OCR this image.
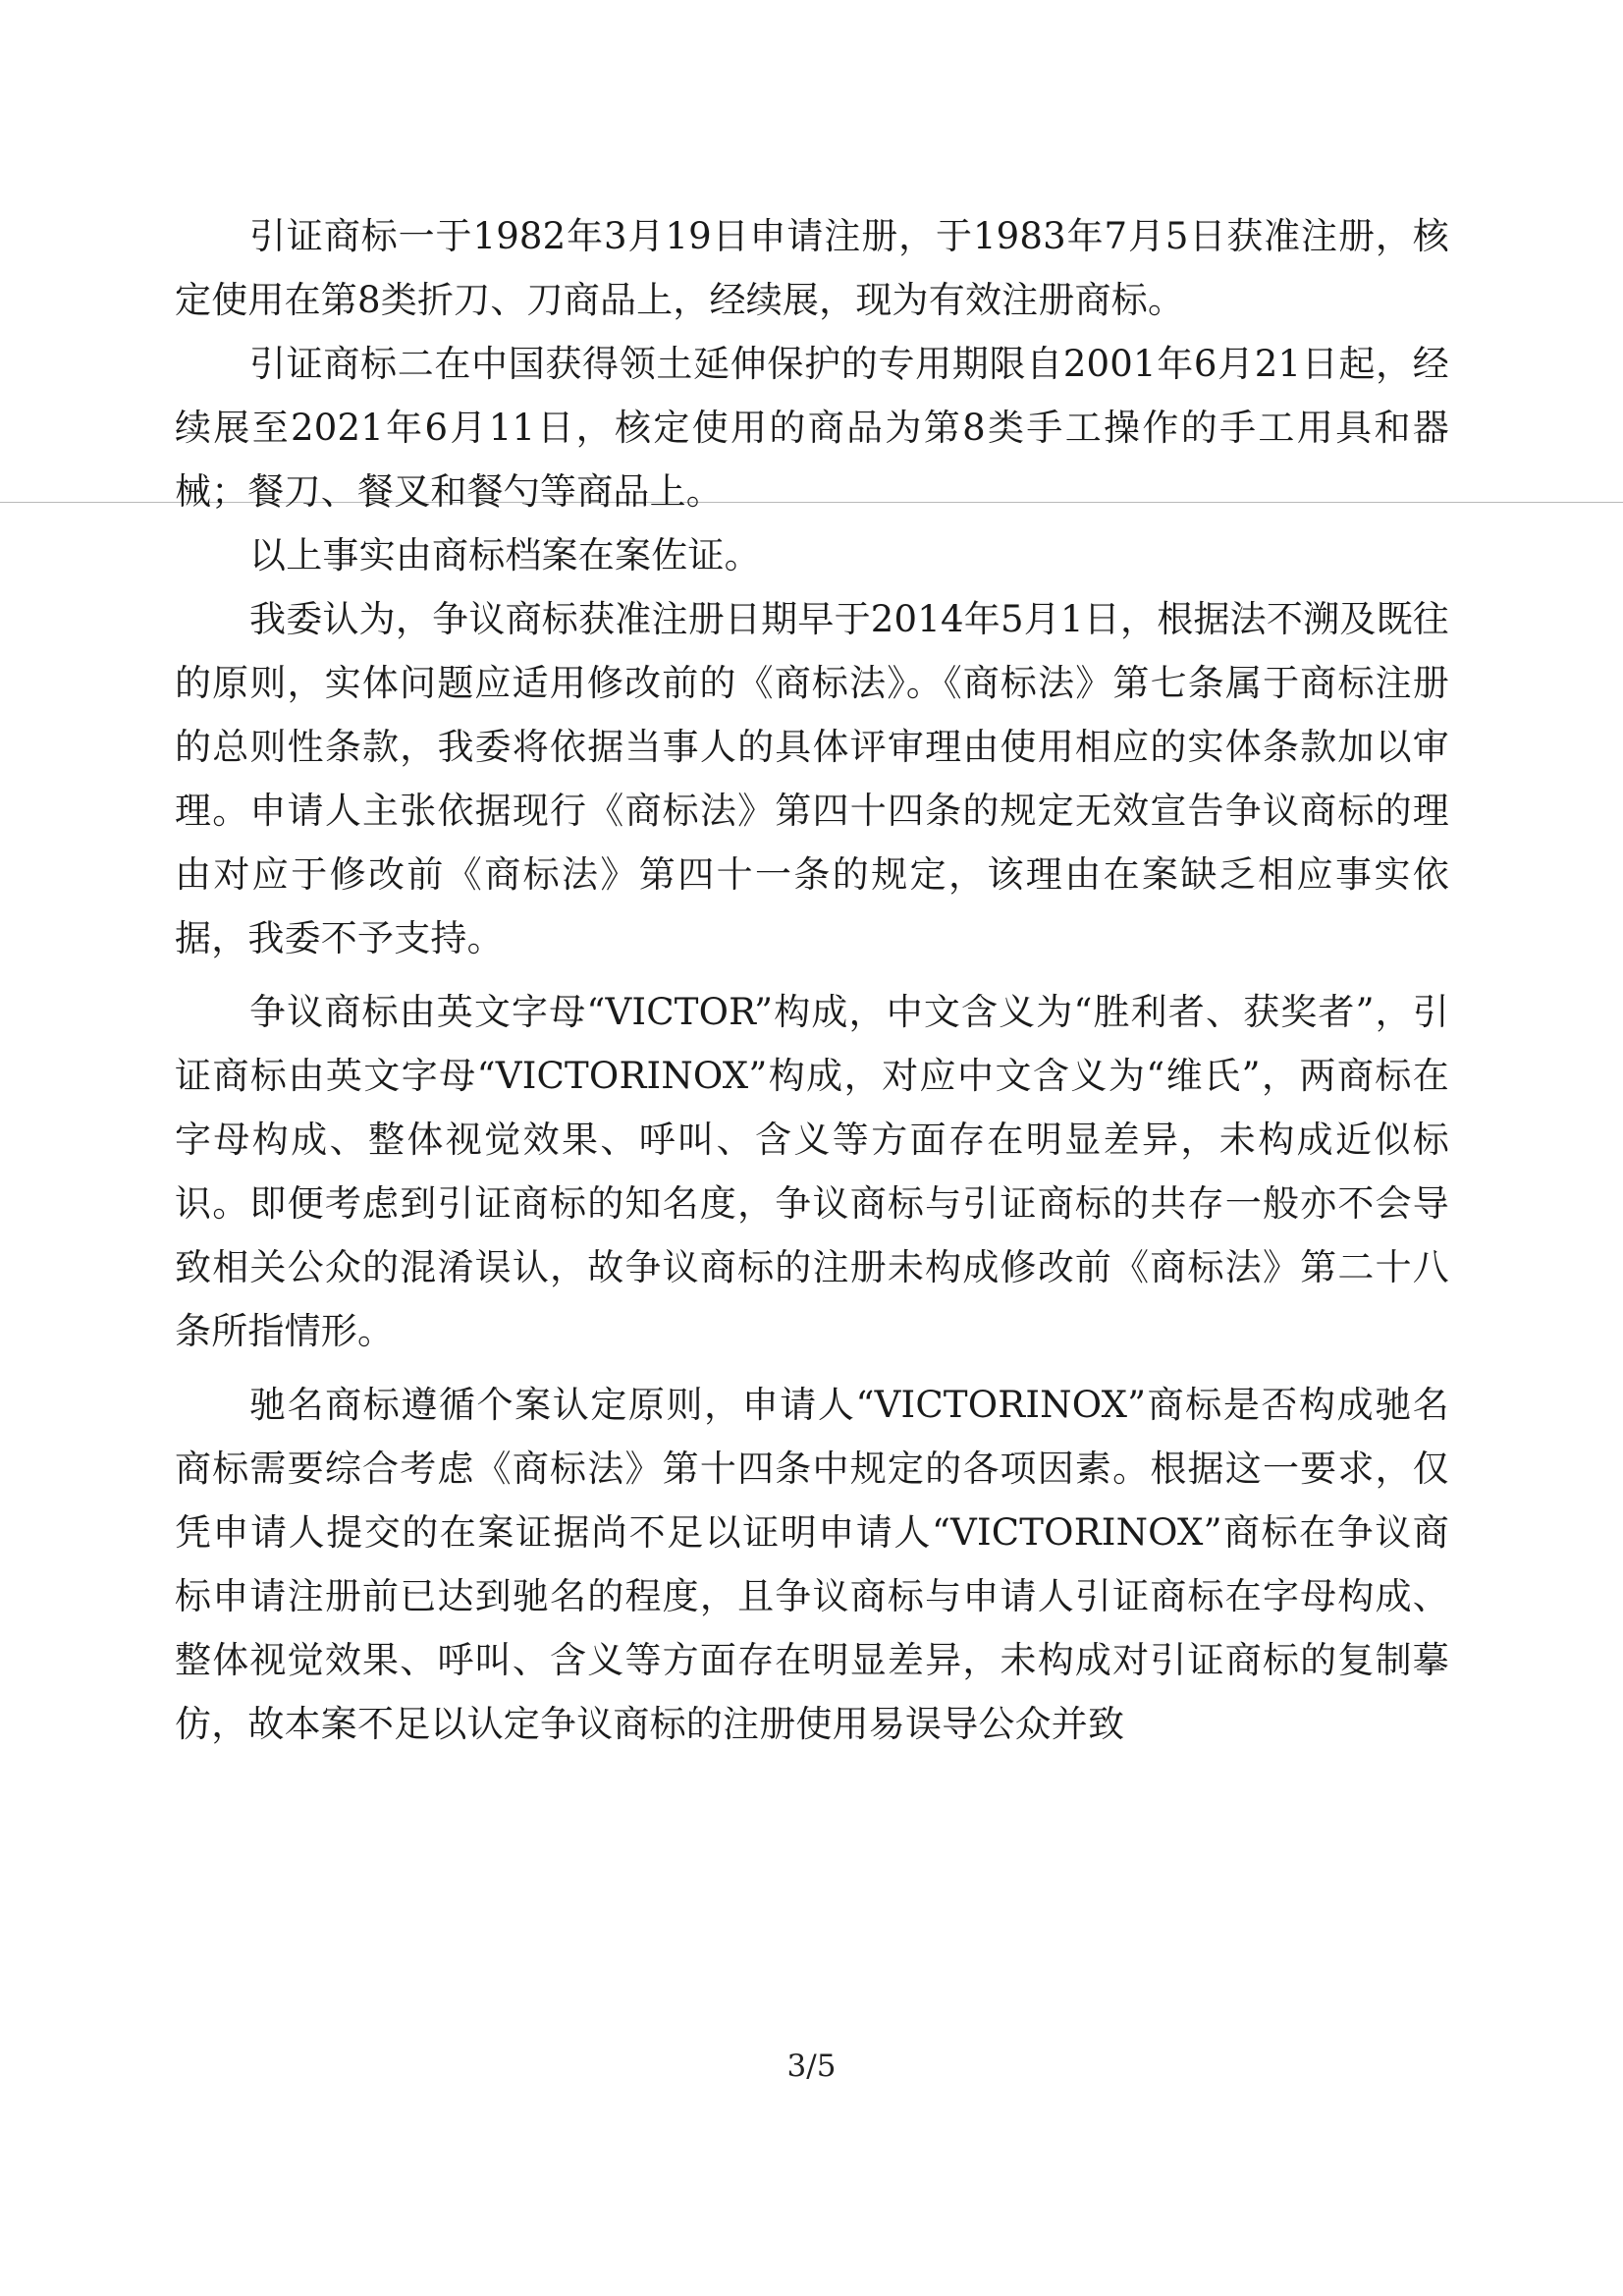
引证商标一于1982年3月19日申请注册，于1983年7月5日获准注册，核定使用在第8类折刀、刀商品上，经续展，现为有效注册商标。

引证商标二在中国获得领土延伸保护的专用期限自2001年6月21日起，经续展至2021年6月11日，核定使用的商品为第8类手工操作的手工用具和器械；餐刀、餐叉和餐勺等商品上。

以上事实由商标档案在案佐证。

我委认为，争议商标获准注册日期早于2014年5月1日，根据法不溯及既往的原则，实体问题应适用修改前的《商标法》。《商标法》第七条属于商标注册的总则性条款，我委将依据当事人的具体评审理由使用相应的实体条款加以审理。申请人主张依据现行《商标法》第四十四条的规定无效宣告争议商标的理由对应于修改前《商标法》第四十一条的规定，该理由在案缺乏相应事实依据，我委不予支持。

争议商标由英文字母“VICTOR”构成，中文含义为“胜利者、获奖者”，引证商标由英文字母“VICTORINOX”构成，对应中文含义为“维氏”，两商标在字母构成、整体视觉效果、呼叫、含义等方面存在明显差异，未构成近似标识。即便考虑到引证商标的知名度，争议商标与引证商标的共存一般亦不会导致相关公众的混淆误认，故争议商标的注册未构成修改前《商标法》第二十八条所指情形。

驰名商标遵循个案认定原则，申请人“VICTORINOX”商标是否构成驰名商标需要综合考虑《商标法》第十四条中规定的各项因素。根据这一要求，仅凭申请人提交的在案证据尚不足以证明申请人“VICTORINOX”商标在争议商标申请注册前已达到驰名的程度，且争议商标与申请人引证商标在字母构成、整体视觉效果、呼叫、含义等方面存在明显差异，未构成对引证商标的复制摹仿，故本案不足以认定争议商标的注册使用易误导公众并致

3/5
